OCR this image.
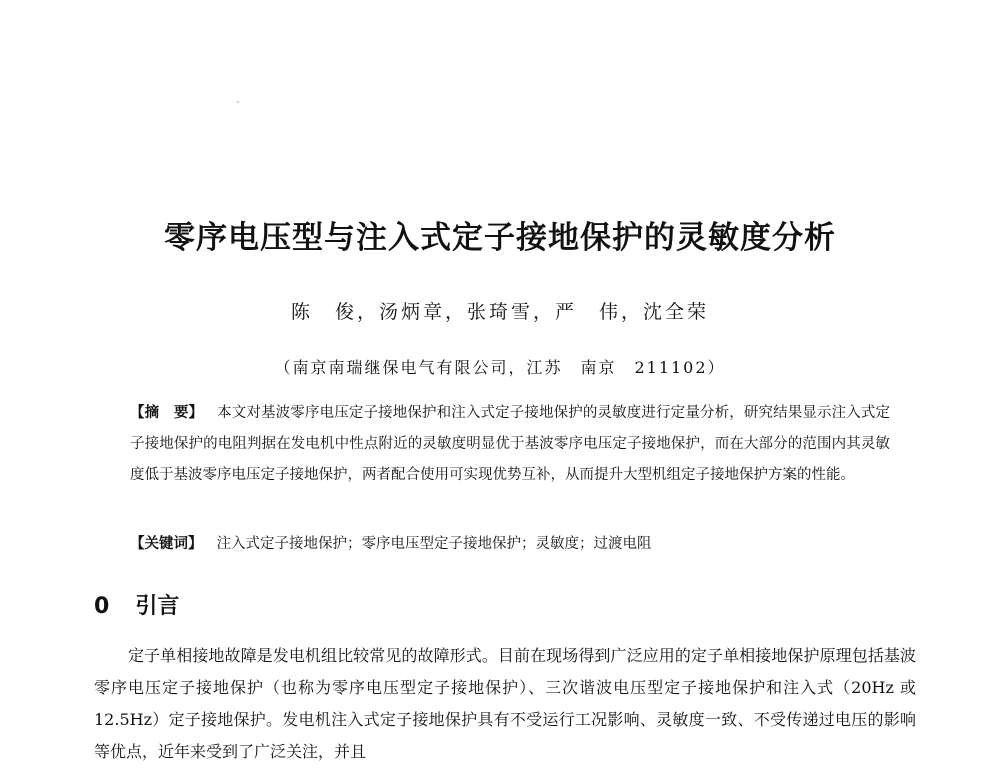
零序电压型与注入式定子接地保护的灵敏度分析
陈　俊，汤炳章，张琦雪，严　伟，沈全荣
（南京南瑞继保电气有限公司，江苏　南京　211102）
【摘　要】 本文对基波零序电压定子接地保护和注入式定子接地保护的灵敏度进行定量分析，研究结果显示注入式定子接地保护的电阻判据在发电机中性点附近的灵敏度明显优于基波零序电压定子接地保护，而在大部分的范围内其灵敏度低于基波零序电压定子接地保护，两者配合使用可实现优势互补，从而提升大型机组定子接地保护方案的性能。
【关键词】 注入式定子接地保护；零序电压型定子接地保护；灵敏度；过渡电阻
0 引言
定子单相接地故障是发电机组比较常见的故障形式。目前在现场得到广泛应用的定子单相接地保护原理包括基波零序电压定子接地保护（也称为零序电压型定子接地保护）、三次谐波电压型定子接地保护和注入式（20Hz 或 12.5Hz）定子接地保护。发电机注入式定子接地保护具有不受运行工况影响、灵敏度一致、不受传递过电压的影响等优点，近年来受到了广泛关注，并且
